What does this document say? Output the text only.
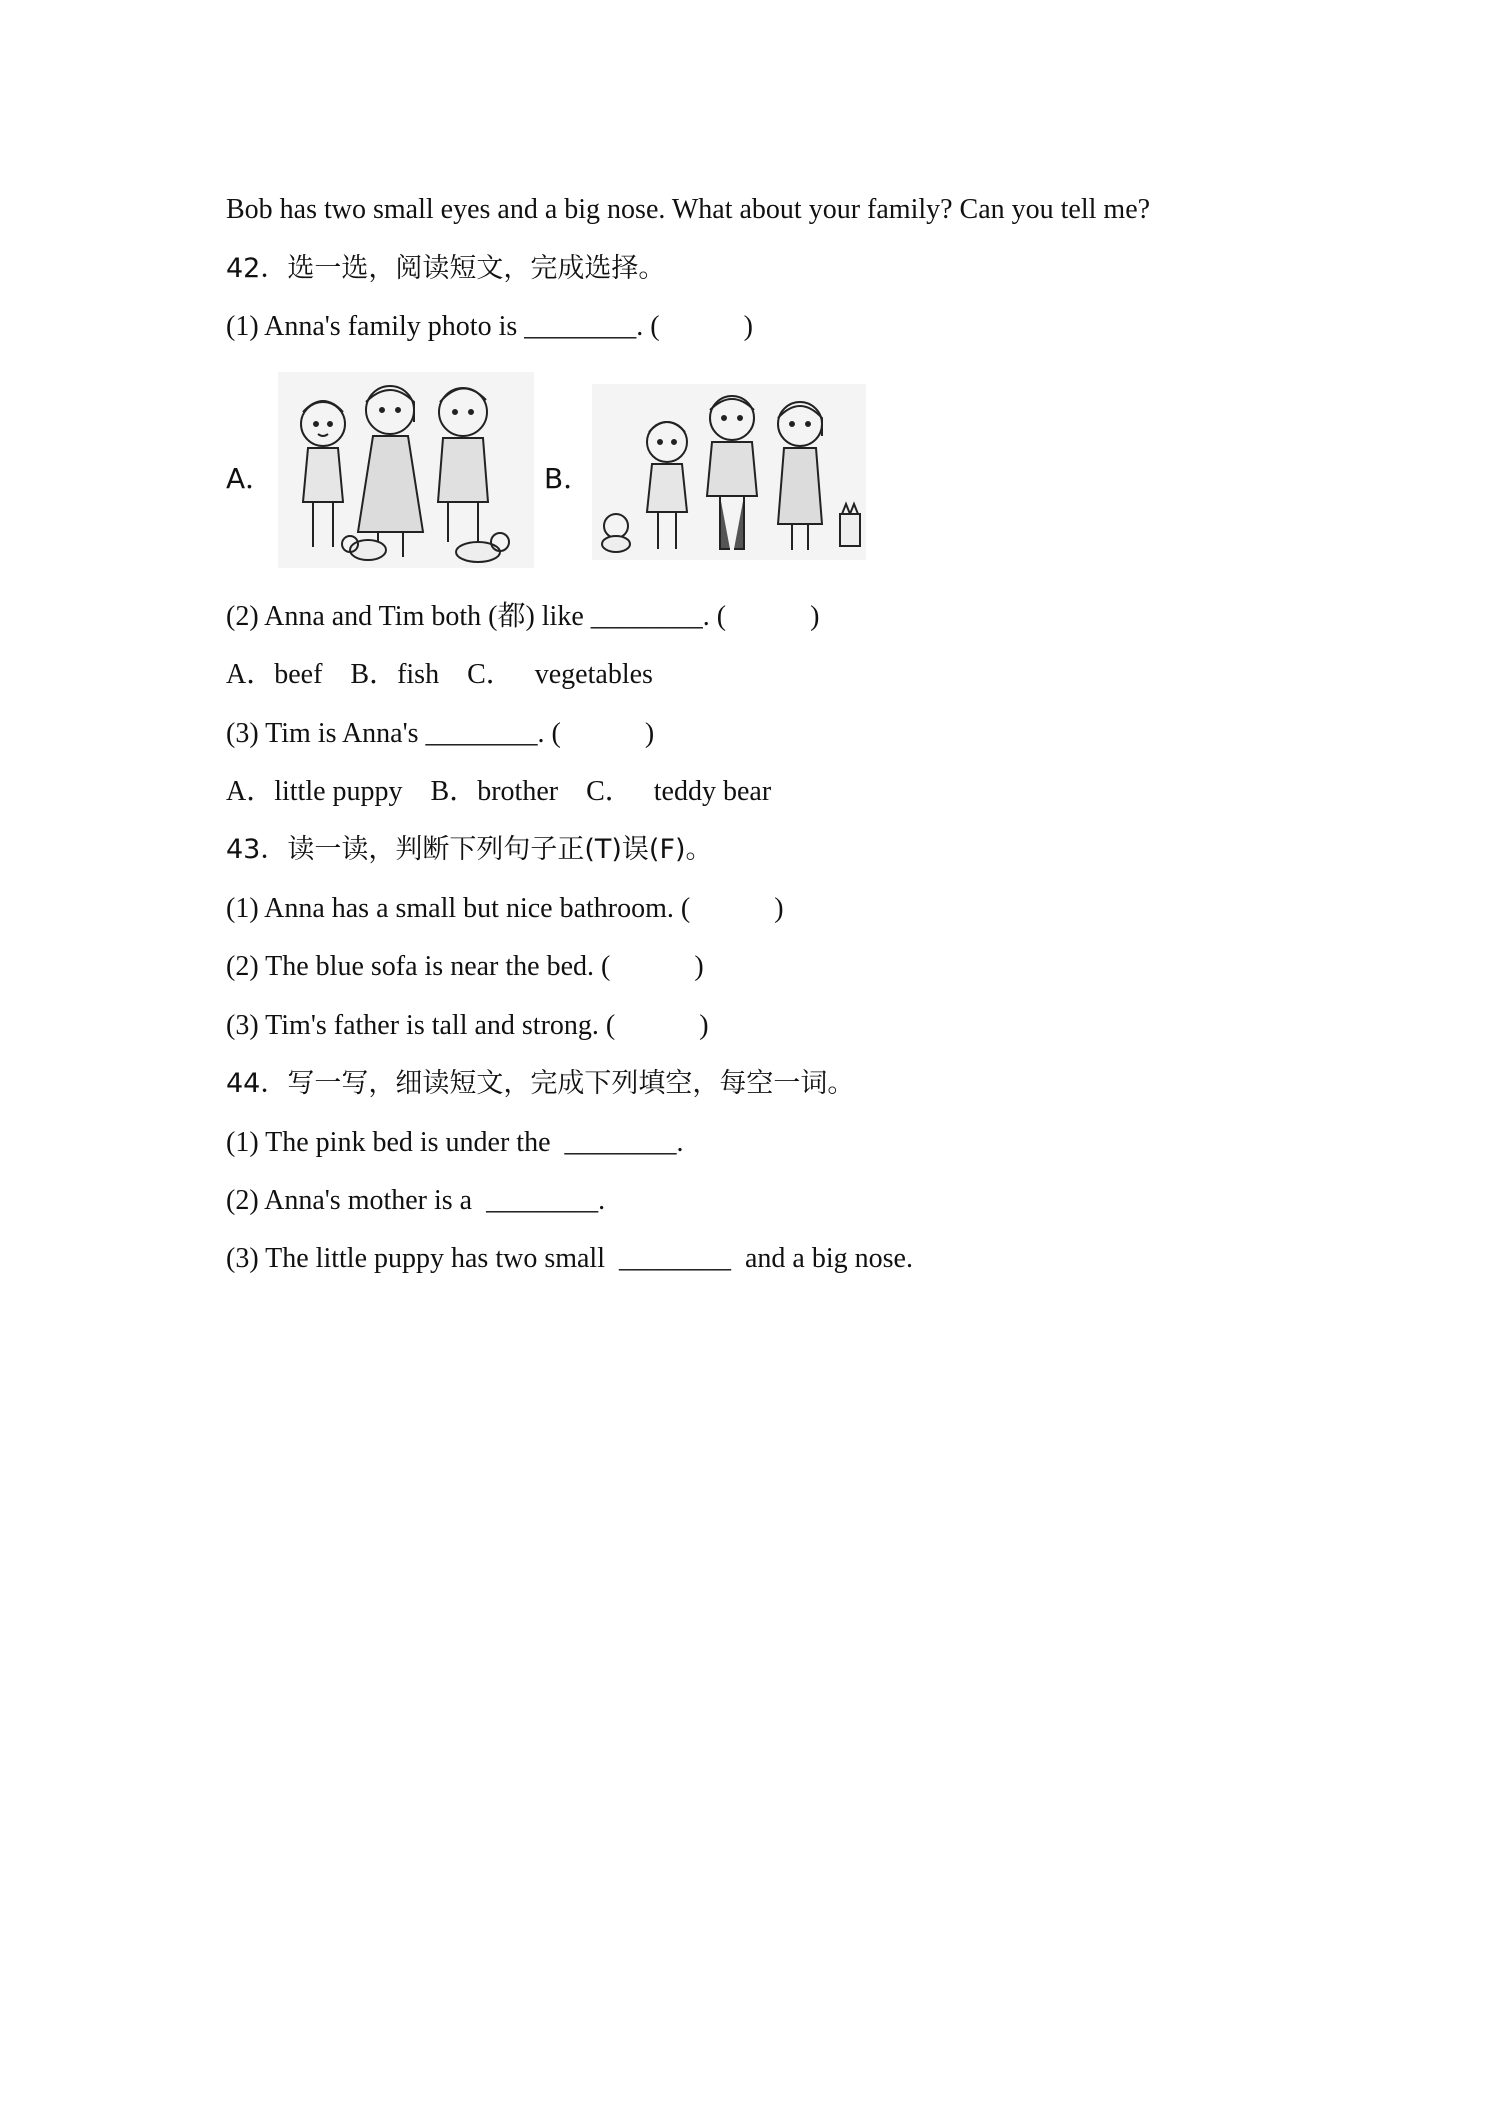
Bob has two small eyes and a big nose. What about your family? Can you tell me?

42．选一选，阅读短文，完成选择。

(1) Anna's family photo is ________. (            )

A．	B．

(2) Anna and Tim both (都) like ________. (            )

A．beef    B．fish    C．   vegetables

(3) Tim is Anna's ________. (            )

A．little puppy    B．brother    C．   teddy bear

43．读一读，判断下列句子正(T)误(F)。

(1) Anna has a small but nice bathroom. (            )

(2) The blue sofa is near the bed. (            )

(3) Tim's father is tall and strong. (            )

44．写一写，细读短文，完成下列填空，每空一词。

(1) The pink bed is under the  ________.

(2) Anna's mother is a  ________.

(3) The little puppy has two small  ________  and a big nose.
